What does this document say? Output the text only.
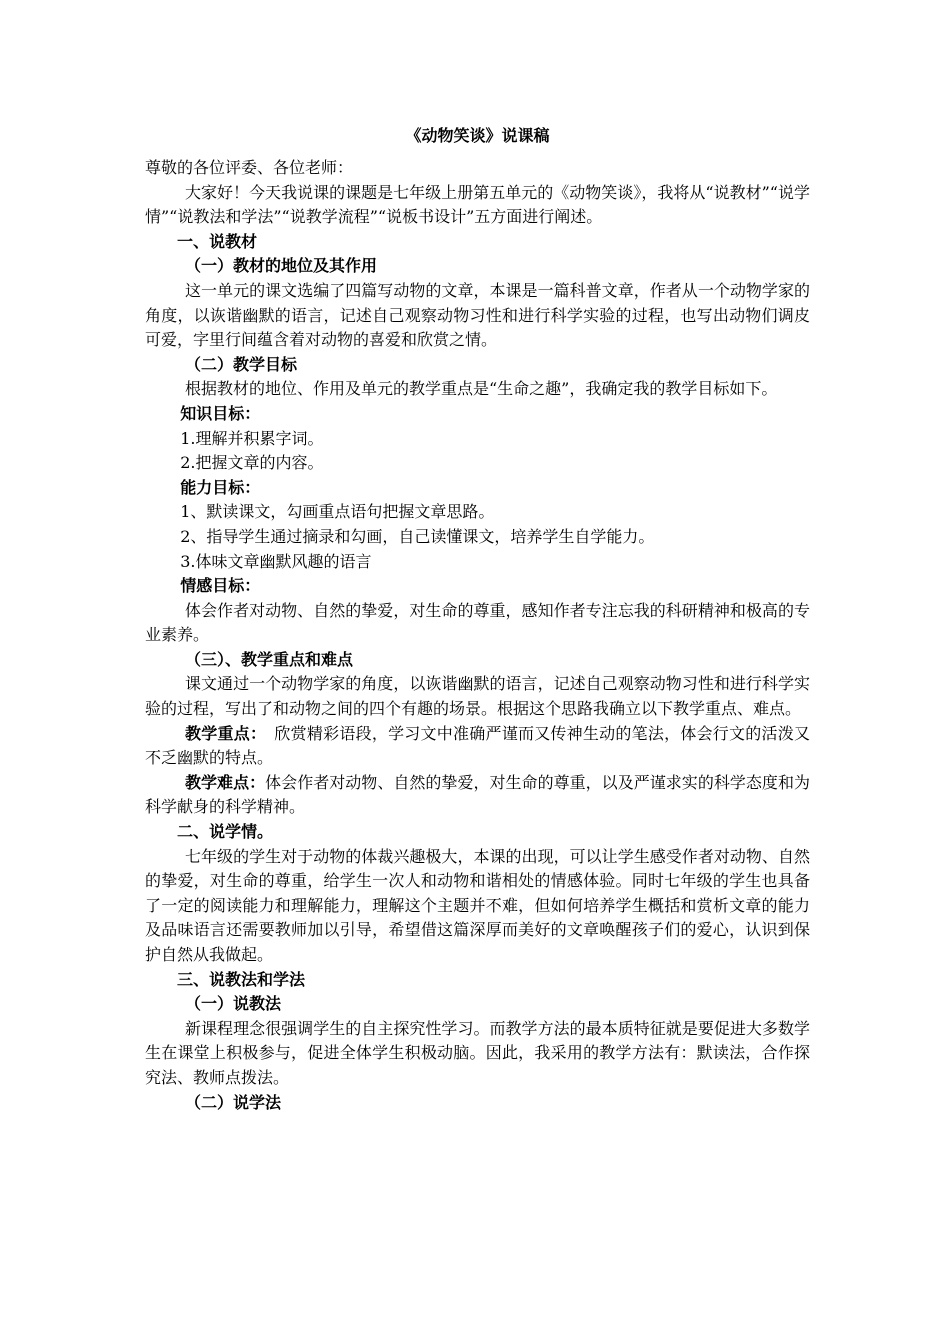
《动物笑谈》说课稿

尊敬的各位评委、各位老师：

大家好！今天我说课的课题是七年级上册第五单元的《动物笑谈》，我将从“说教材”“说学情”“说教法和学法”“说教学流程”“说板书设计”五方面进行阐述。

一、说教材

（一）教材的地位及其作用

这一单元的课文选编了四篇写动物的文章，本课是一篇科普文章，作者从一个动物学家的角度，以诙谐幽默的语言，记述自己观察动物习性和进行科学实验的过程，也写出动物们调皮可爱，字里行间蕴含着对动物的喜爱和欣赏之情。

（二）教学目标

根据教材的地位、作用及单元的教学重点是“生命之趣”，我确定我的教学目标如下。

知识目标：

1.理解并积累字词。

2.把握文章的内容。

能力目标：

1、默读课文，勾画重点语句把握文章思路。

2、指导学生通过摘录和勾画，自己读懂课文，培养学生自学能力。

3.体味文章幽默风趣的语言

情感目标：

体会作者对动物、自然的挚爱，对生命的尊重，感知作者专注忘我的科研精神和极高的专业素养。

（三）、教学重点和难点

课文通过一个动物学家的角度，以诙谐幽默的语言，记述自己观察动物习性和进行科学实验的过程，写出了和动物之间的四个有趣的场景。根据这个思路我确立以下教学重点、难点。

教学重点：　欣赏精彩语段，学习文中准确严谨而又传神生动的笔法，体会行文的活泼又不乏幽默的特点。

教学难点：体会作者对动物、自然的挚爱，对生命的尊重，以及严谨求实的科学态度和为科学献身的科学精神。

二、说学情。

七年级的学生对于动物的体裁兴趣极大，本课的出现，可以让学生感受作者对动物、自然的挚爱，对生命的尊重，给学生一次人和动物和谐相处的情感体验。同时七年级的学生也具备了一定的阅读能力和理解能力，理解这个主题并不难，但如何培养学生概括和赏析文章的能力及品味语言还需要教师加以引导，希望借这篇深厚而美好的文章唤醒孩子们的爱心，认识到保护自然从我做起。

三、说教法和学法

（一）说教法

新课程理念很强调学生的自主探究性学习。而教学方法的最本质特征就是要促进大多数学生在课堂上积极参与，促进全体学生积极动脑。因此，我采用的教学方法有：默读法，合作探究法、教师点拨法。

（二）说学法
